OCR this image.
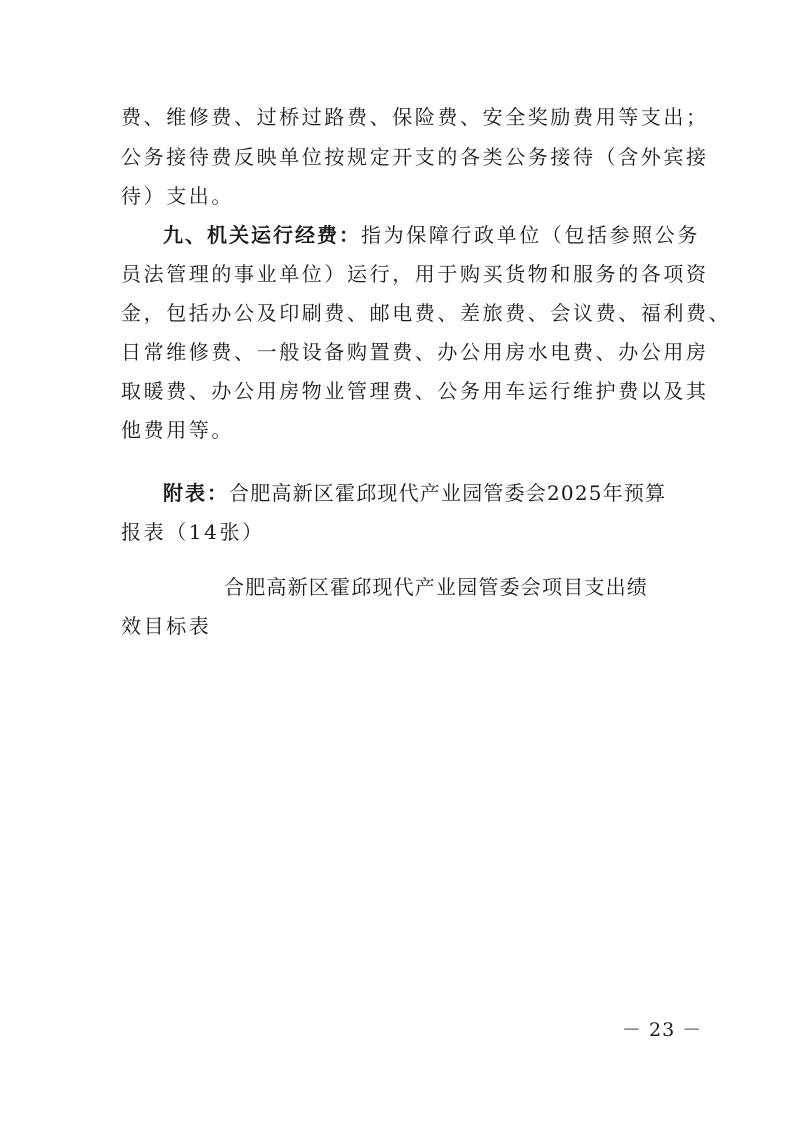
费、维修费、过桥过路费、保险费、安全奖励费用等支出；
公务接待费反映单位按规定开支的各类公务接待（含外宾接
待）支出。
九、机关运行经费：指为保障行政单位（包括参照公务
员法管理的事业单位）运行，用于购买货物和服务的各项资
金，包括办公及印刷费、邮电费、差旅费、会议费、福利费、
日常维修费、一般设备购置费、办公用房水电费、办公用房
取暖费、办公用房物业管理费、公务用车运行维护费以及其
他费用等。
附表：合肥高新区霍邱现代产业园管委会2025年预算
报表（14张）
合肥高新区霍邱现代产业园管委会项目支出绩
效目标表
－ 23 －
